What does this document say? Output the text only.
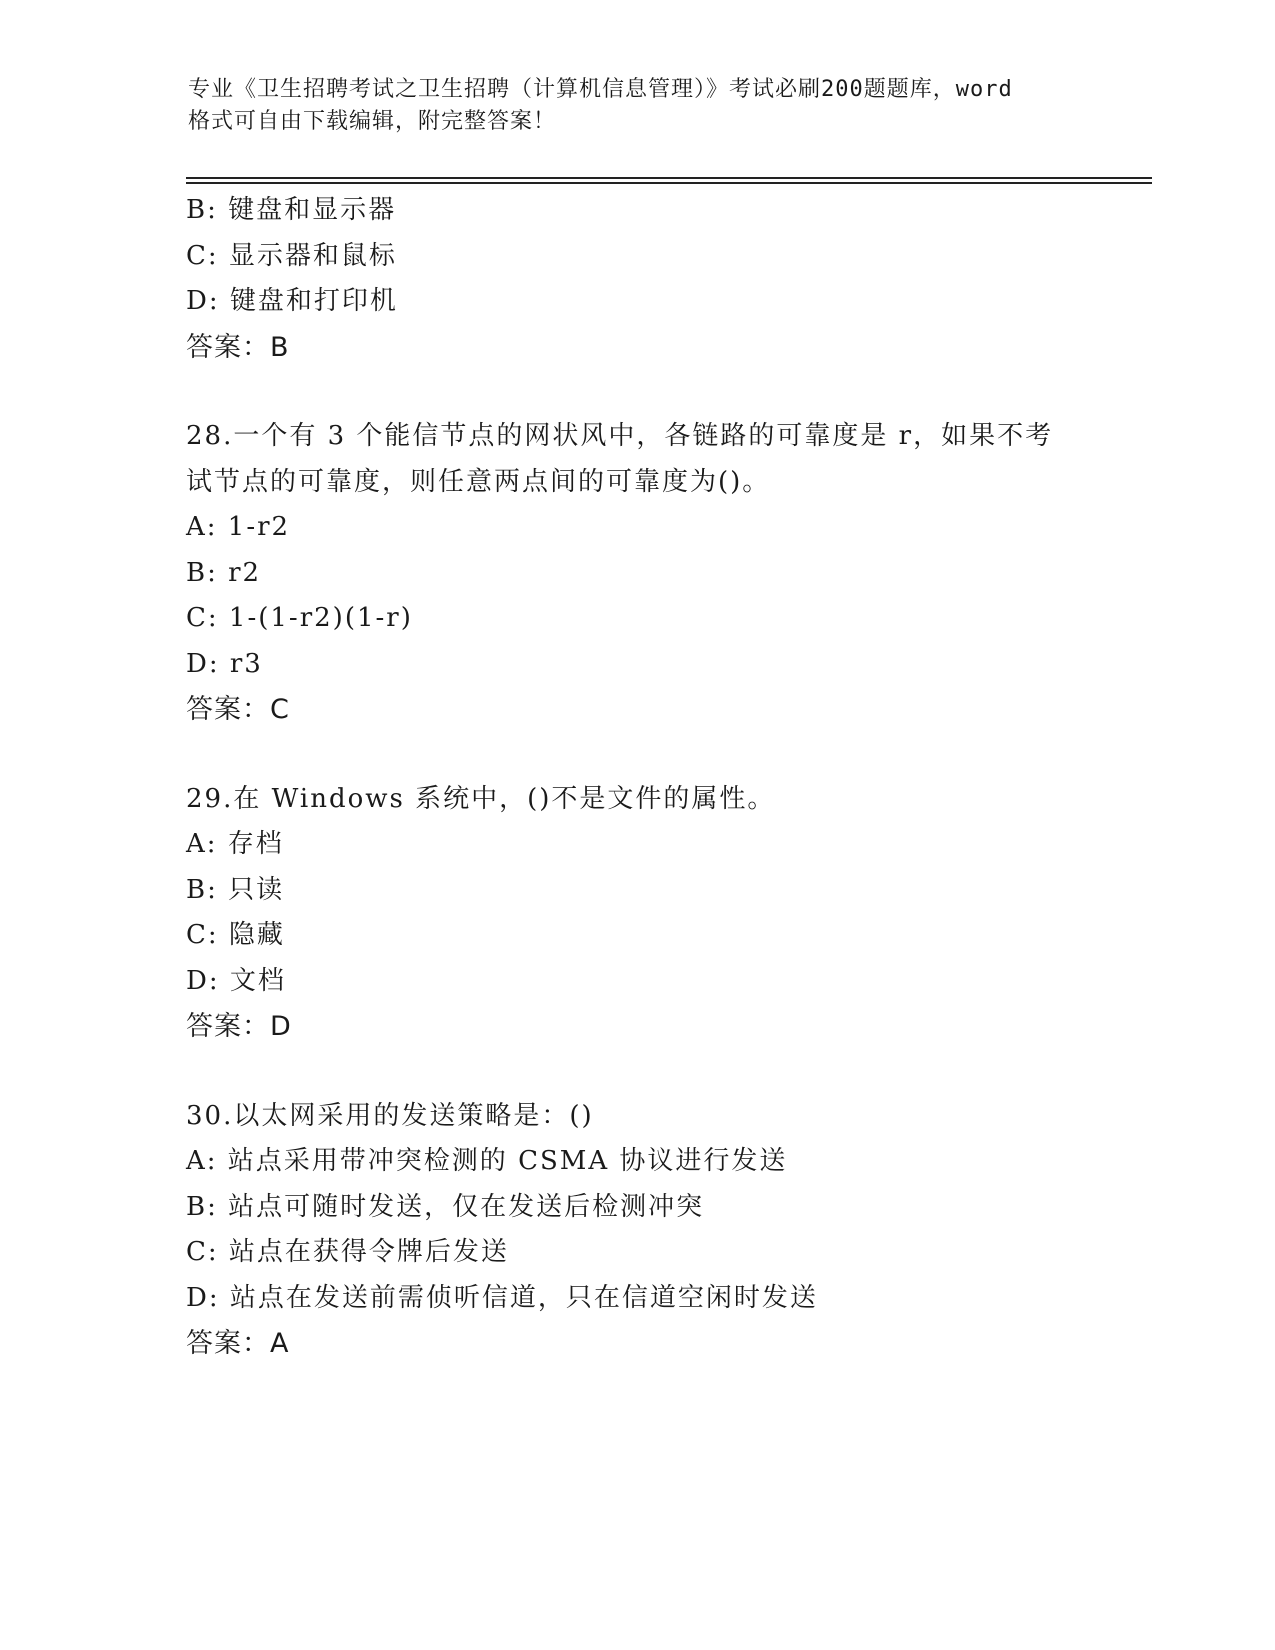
专业《卫生招聘考试之卫生招聘（计算机信息管理）》考试必刷200题题库，word
格式可自由下载编辑，附完整答案！
B: 键盘和显示器
C: 显示器和鼠标
D: 键盘和打印机
答案：B
28.一个有 3 个能信节点的网状风中，各链路的可靠度是 r，如果不考
试节点的可靠度，则任意两点间的可靠度为()。
A: 1-r2
B: r2
C: 1-(1-r2)(1-r)
D: r3
答案：C
29.在 Windows 系统中，()不是文件的属性。
A: 存档
B: 只读
C: 隐藏
D: 文档
答案：D
30.以太网采用的发送策略是：()
A: 站点采用带冲突检测的 CSMA 协议进行发送
B: 站点可随时发送，仅在发送后检测冲突
C: 站点在获得令牌后发送
D: 站点在发送前需侦听信道，只在信道空闲时发送
答案：A
